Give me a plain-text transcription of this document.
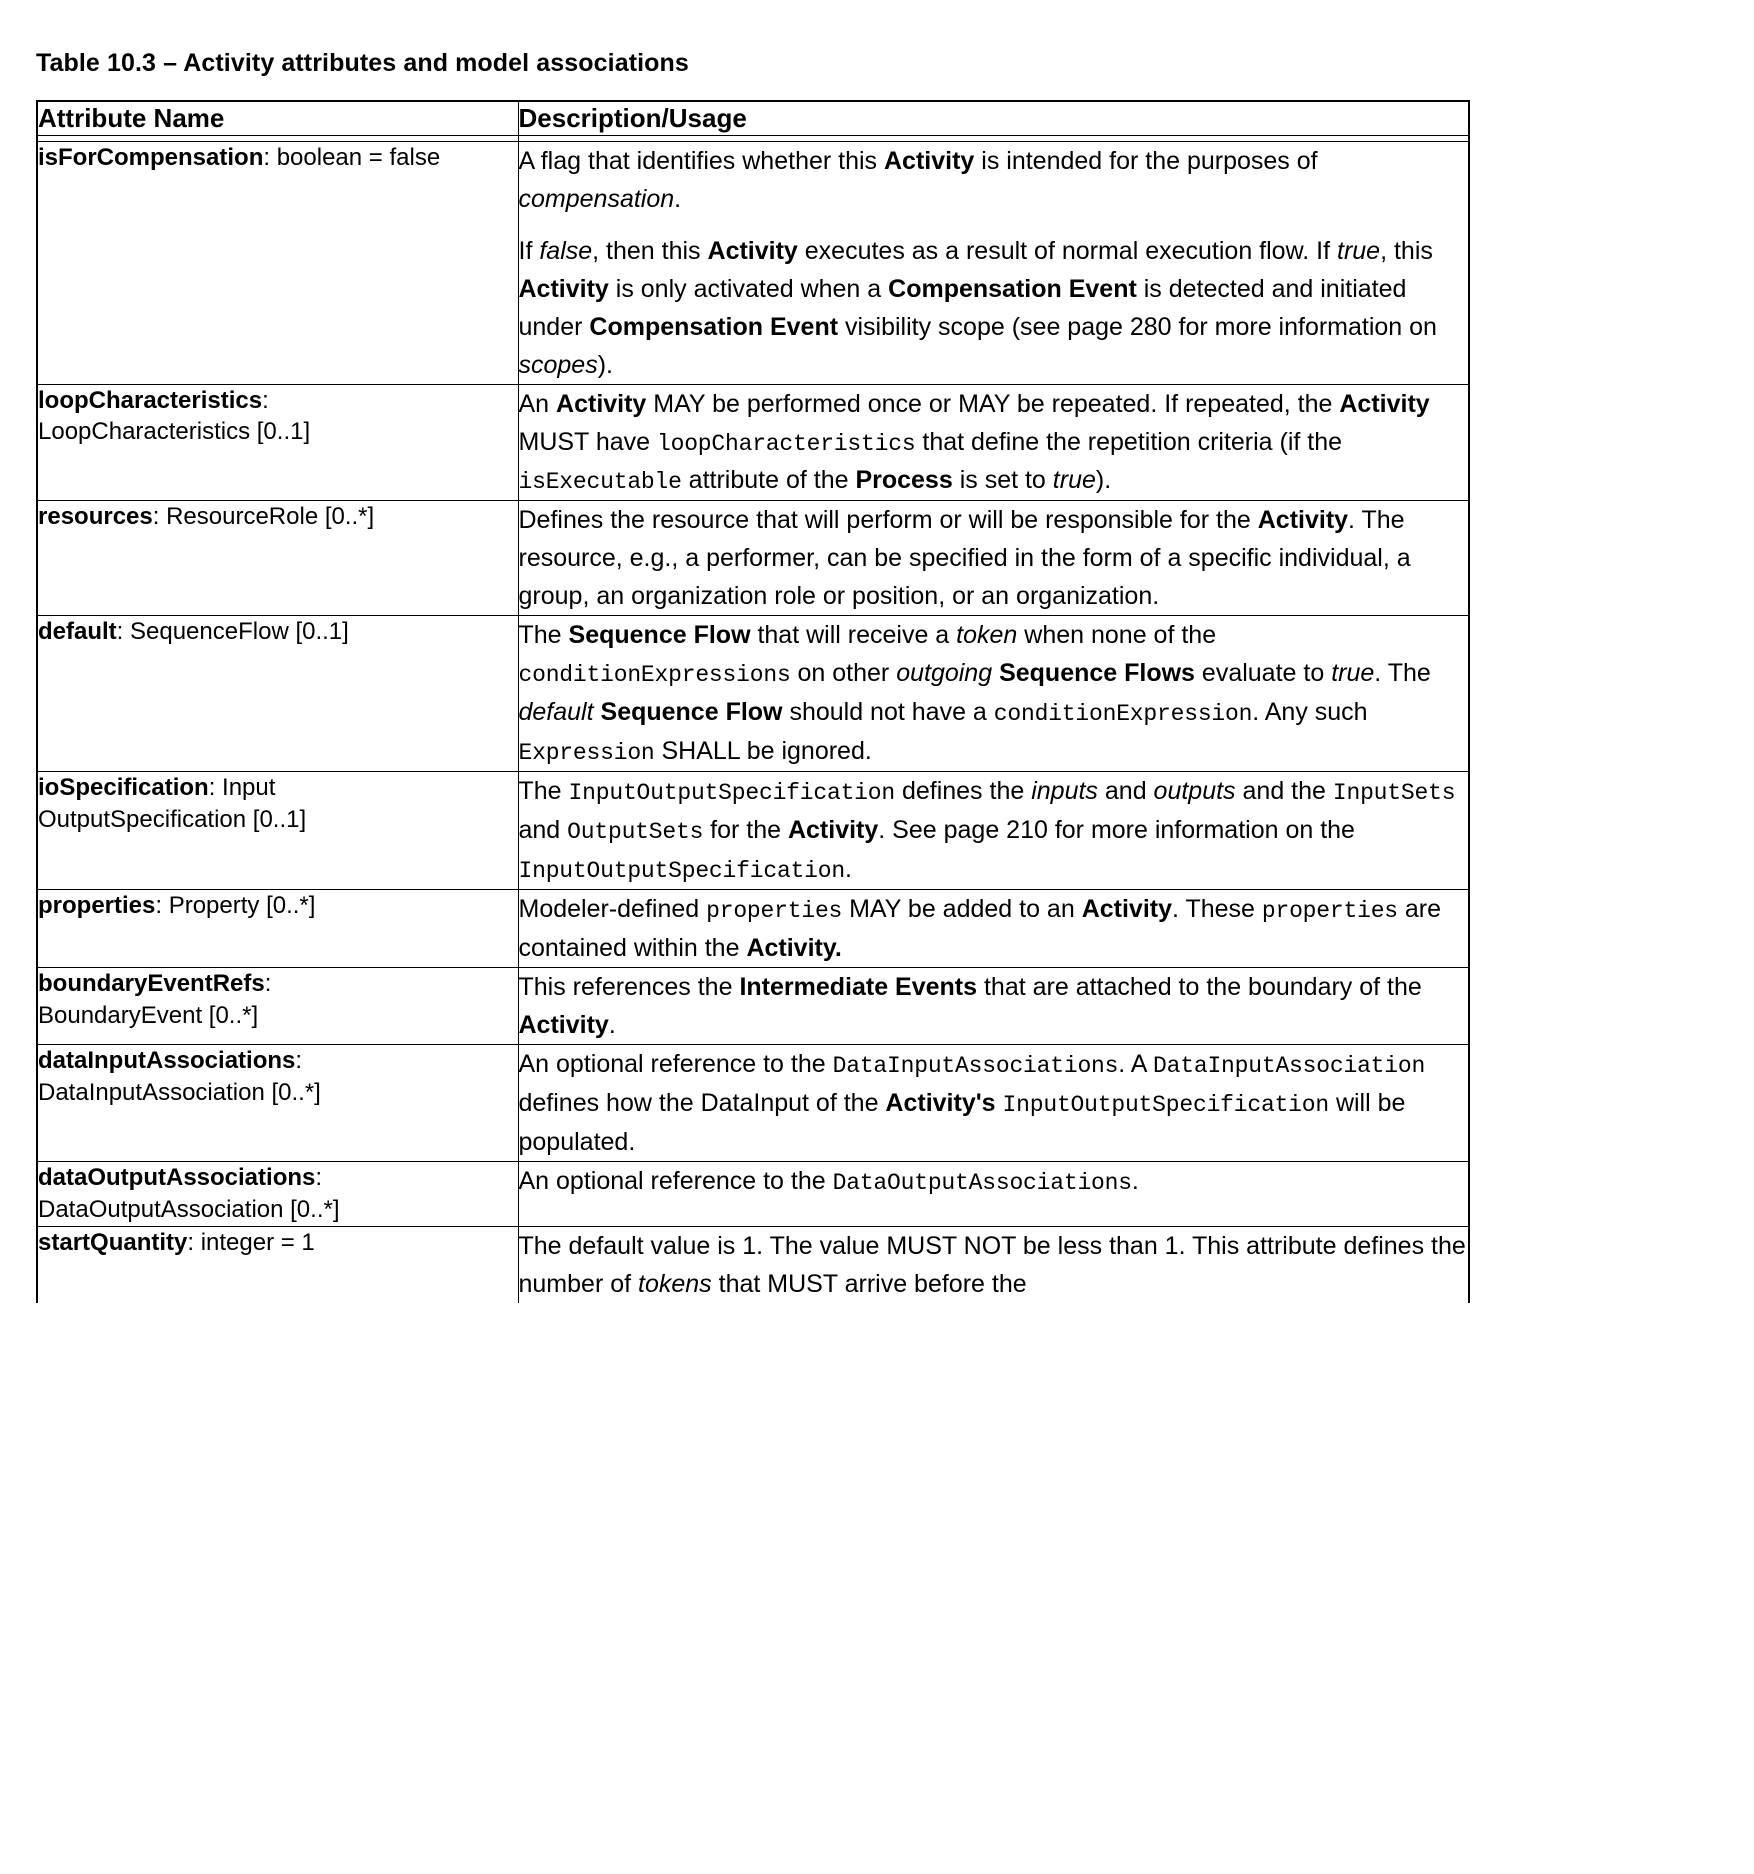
Table 10.3 – Activity attributes and model associations
Attribute Name	Description/Usage

isForCompensation: boolean = false	A flag that identifies whether this Activity is intended for the purposes of compensation.

If false, then this Activity executes as a result of normal execution flow. If true, this Activity is only activated when a Compensation Event is detected and initiated under Compensation Event visibility scope (see page 280 for more information on scopes).

loopCharacteristics:
LoopCharacteristics [0..1]	An Activity MAY be performed once or MAY be repeated. If repeated, the Activity MUST have loopCharacteristics that define the repetition criteria (if the isExecutable attribute of the Process is set to true).

resources: ResourceRole [0..*]	Defines the resource that will perform or will be responsible for the Activity. The resource, e.g., a performer, can be specified in the form of a specific individual, a group, an organization role or position, or an organization.

default: SequenceFlow [0..1]	The Sequence Flow that will receive a token when none of the conditionExpressions on other outgoing Sequence Flows evaluate to true. The default Sequence Flow should not have a conditionExpression. Any such Expression SHALL be ignored.

ioSpecification: Input
OutputSpecification [0..1]	The InputOutputSpecification defines the inputs and outputs and the InputSets and OutputSets for the Activity. See page 210 for more information on the InputOutputSpecification.

properties: Property [0..*]	Modeler-defined properties MAY be added to an Activity. These properties are contained within the Activity.

boundaryEventRefs:
BoundaryEvent [0..*]	This references the Intermediate Events that are attached to the boundary of the Activity.

dataInputAssociations:
DataInputAssociation [0..*]	An optional reference to the DataInputAssociations. A DataInputAssociation defines how the DataInput of the Activity's InputOutputSpecification will be populated.

dataOutputAssociations:
DataOutputAssociation [0..*]	An optional reference to the DataOutputAssociations.

startQuantity: integer = 1	The default value is 1. The value MUST NOT be less than 1. This attribute defines the number of tokens that MUST arrive before the
